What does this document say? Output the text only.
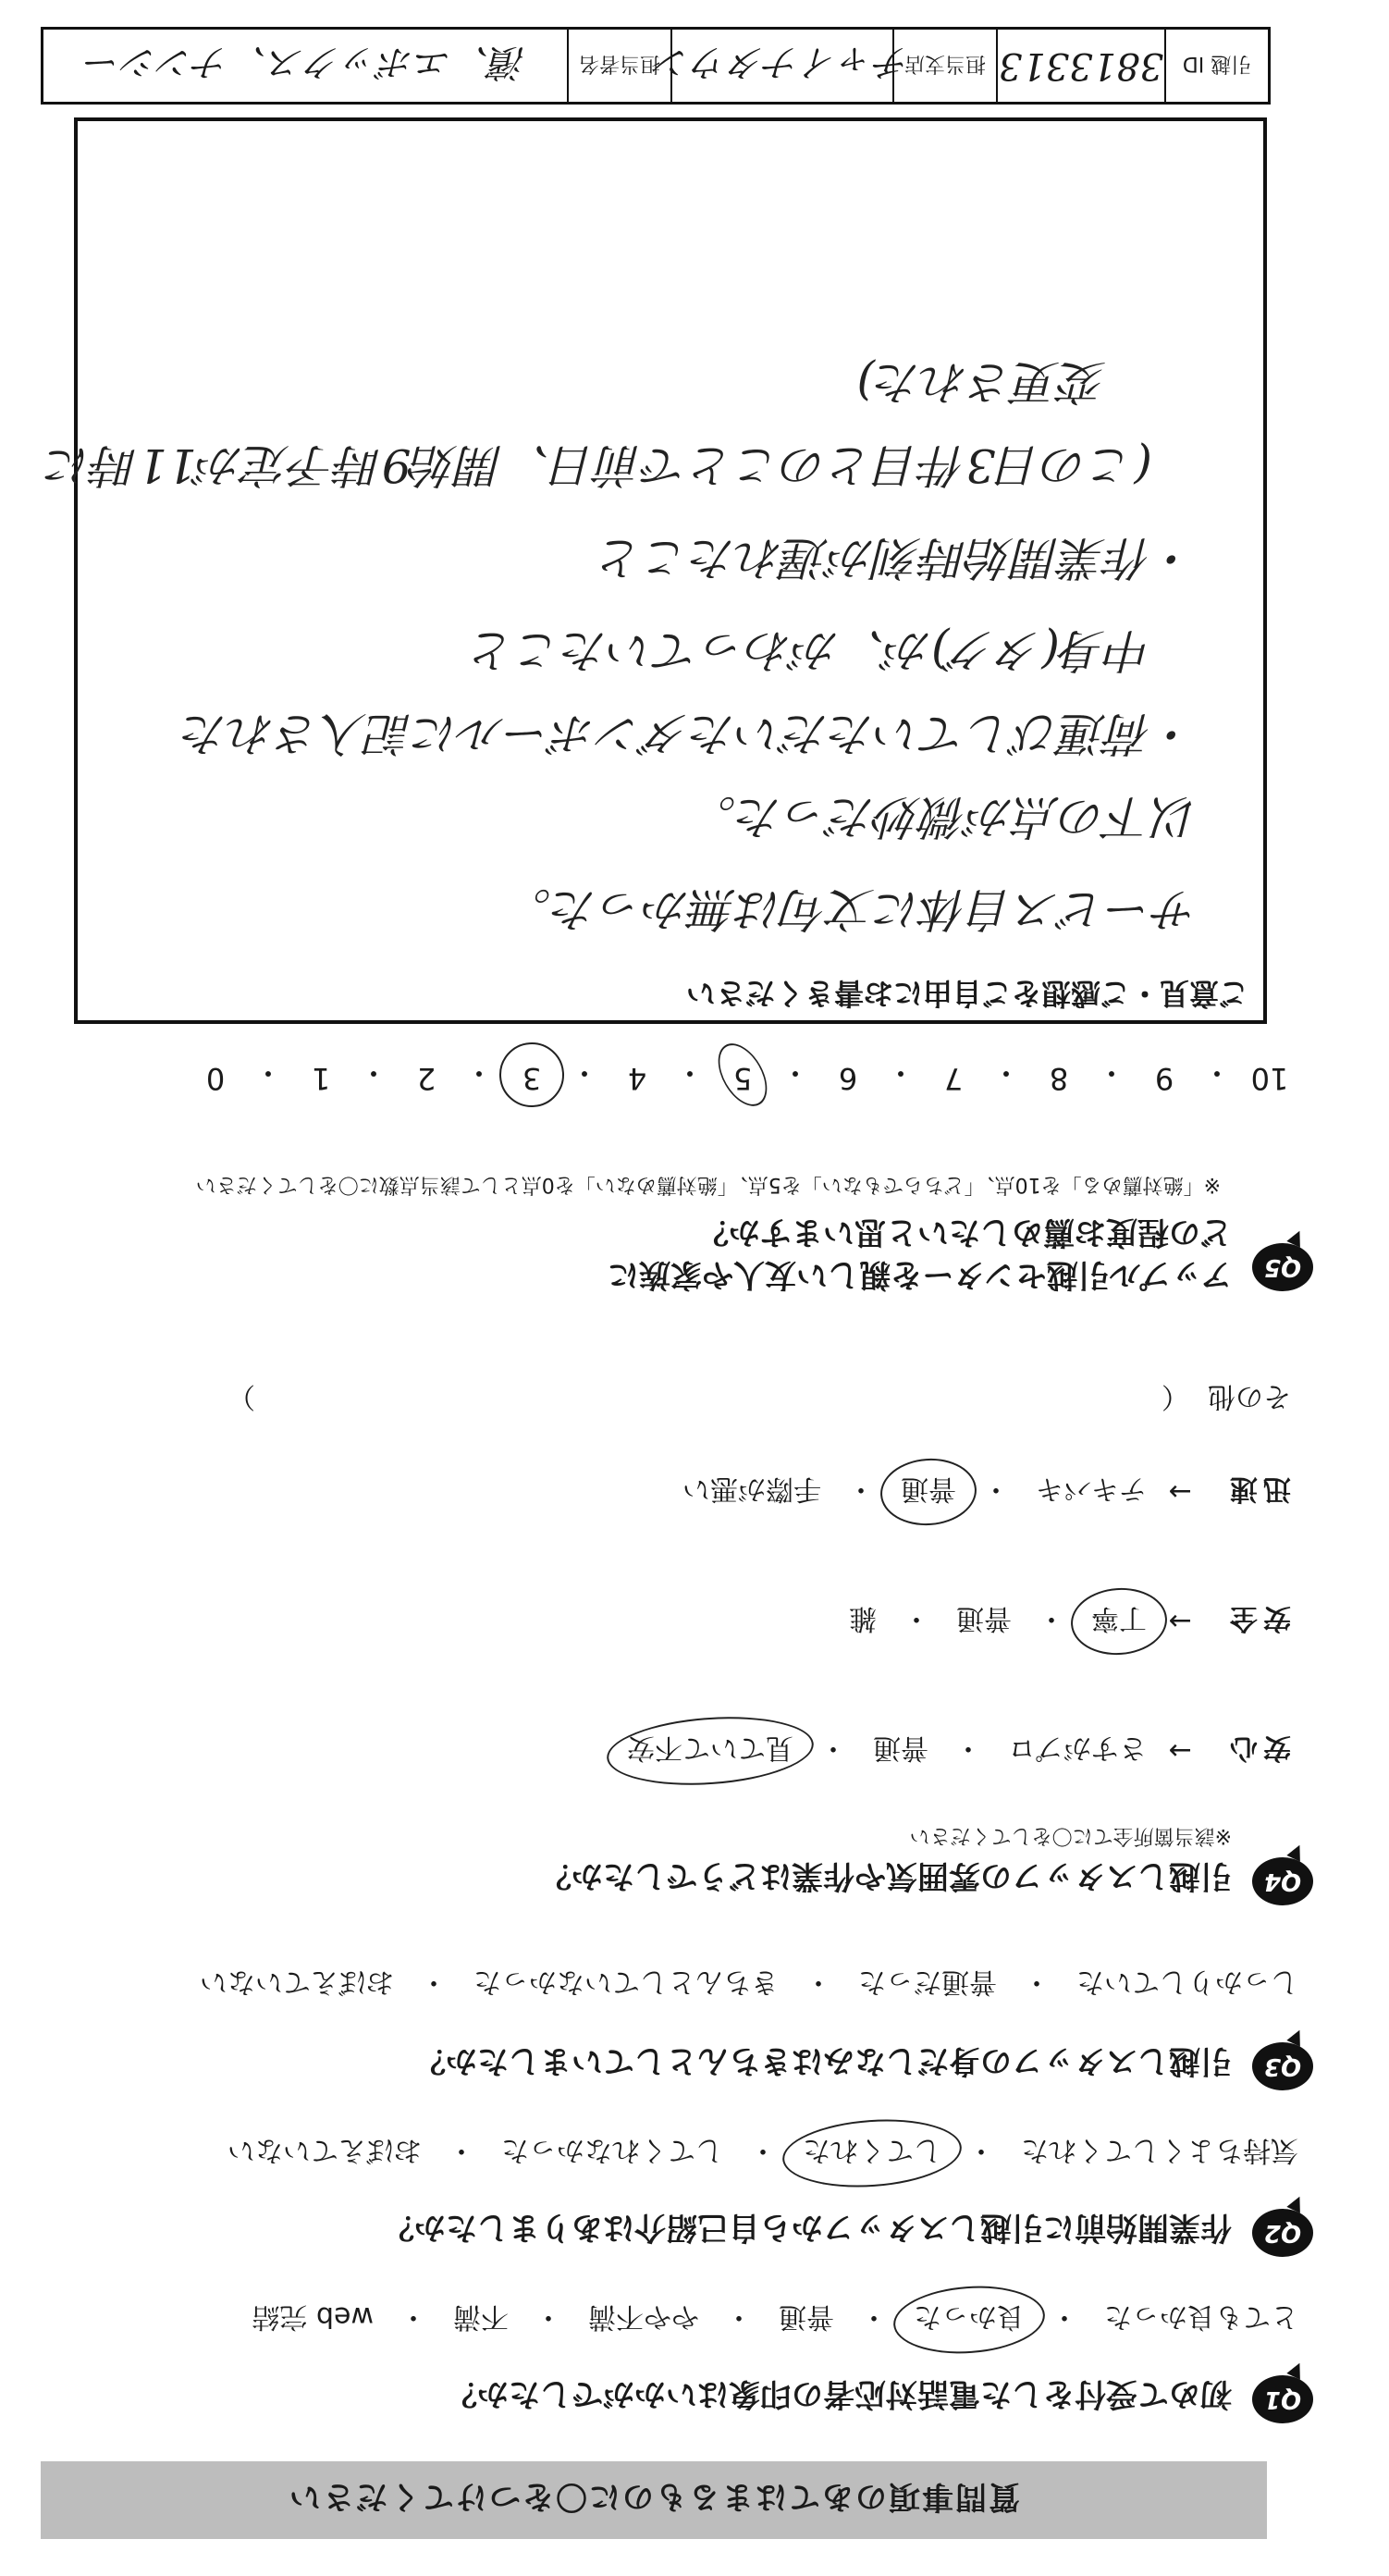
質問事項のあてはまるものに〇をつけてください
Q1
初めて受付をした電話対応者の印象はいかがでしたか？
とても良かった
・
良かった
・
普通
・
やや不満
・
不満
・
web 完結
Q2
作業開始前に引越しスタッフから自己紹介はありましたか？
気持ちよくしてくれた
・
してくれた
・
してくれなかった
・
おぼえていない
Q3
引越しスタッフの身だしなみはきちんとしていましたか？
しっかりしていた
・
普通だった
・
きちんとしていなかった
・
おぼえていない
Q4
引越しスタッフの雰囲気や作業はどうでしたか？
※該当箇所全てに〇をしてください
安心
→
さすがプロ
・
普通
・
見ていて不安
安全
→
丁寧
・
普通
・
雑
迅速
→
テキパキ
・
普通
・
手際が悪い
その他
（
）
Q5
アップル引越センターを親しい友人や家族に
どの程度お薦めしたいと思いますか？
※「絶対薦める」を10点、「どちらでもない」を5点、「絶対薦めない」を0点として該当点数に〇をしてください
10
・
9
・
8
・
7
・
6
・
5
・
4
・
3
・
2
・
1
・
0
ご意見・ご感想をご自由にお書きください
サービス自体に文句は無かった。
以下の点が微妙だった。
・荷運びしていただいたダンボールに記入された
　中身(タグ)が、がわっていたこと
・作業開始時刻が遅れたこと
　(この日3件目とのことで前日、開始9時予定が11時に
　　変更された)
引越 ID
3813313
担当支店
チャイナタウン
担当者名
濱、エボックス、ナンシー
